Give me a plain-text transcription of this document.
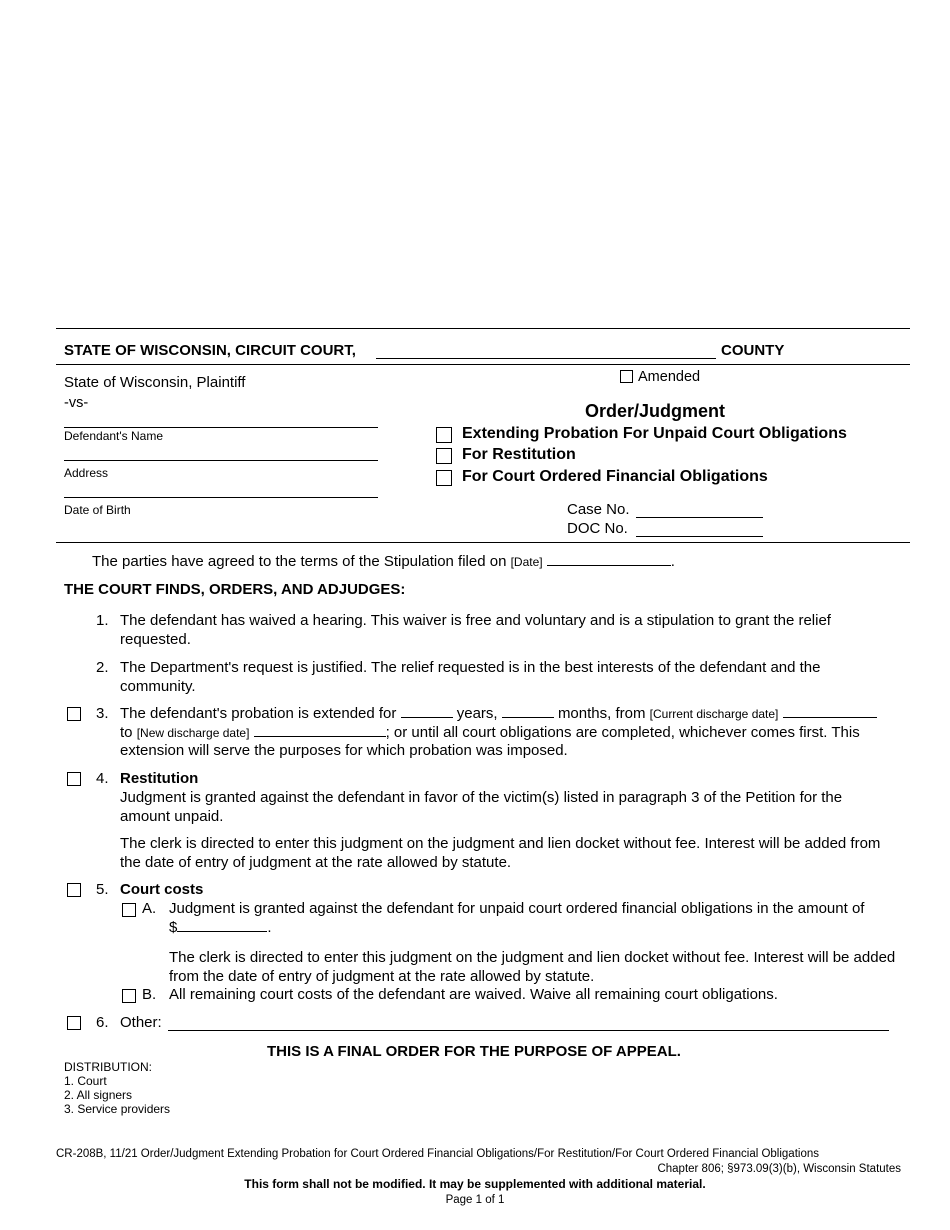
STATE OF WISCONSIN, CIRCUIT COURT,	COUNTY
State of Wisconsin, Plaintiff
-vs-
Defendant's Name
Address
Date of Birth
Amended
Order/Judgment
Extending Probation For Unpaid Court Obligations
For Restitution
For Court Ordered Financial Obligations
Case No.
DOC No.
The parties have agreed to the terms of the Stipulation filed on [Date]	.
THE COURT FINDS, ORDERS, AND ADJUDGES:
1. The defendant has waived a hearing. This waiver is free and voluntary and is a stipulation to grant the relief requested.
2. The Department's request is justified. The relief requested is in the best interests of the defendant and the community.
3. The defendant's probation is extended for	years,	months, from [Current discharge date]
to [New discharge date]	; or until all court obligations are completed, whichever comes first. This
extension will serve the purposes for which probation was imposed.
4. Restitution
Judgment is granted against the defendant in favor of the victim(s) listed in paragraph 3 of the Petition for the amount unpaid.
The clerk is directed to enter this judgment on the judgment and lien docket without fee. Interest will be added from the date of entry of judgment at the rate allowed by statute.
5. Court costs
A. Judgment is granted against the defendant for unpaid court ordered financial obligations in the amount of
$	.
The clerk is directed to enter this judgment on the judgment and lien docket without fee. Interest will be added from the date of entry of judgment at the rate allowed by statute.
B. All remaining court costs of the defendant are waived. Waive all remaining court obligations.
6. Other:
THIS IS A FINAL ORDER FOR THE PURPOSE OF APPEAL.
DISTRIBUTION:
1. Court
2. All signers
3. Service providers
CR-208B, 11/21 Order/Judgment Extending Probation for Court Ordered Financial Obligations/For Restitution/For Court Ordered Financial Obligations
Chapter 806; §973.09(3)(b), Wisconsin Statutes
This form shall not be modified. It may be supplemented with additional material.
Page 1 of 1
